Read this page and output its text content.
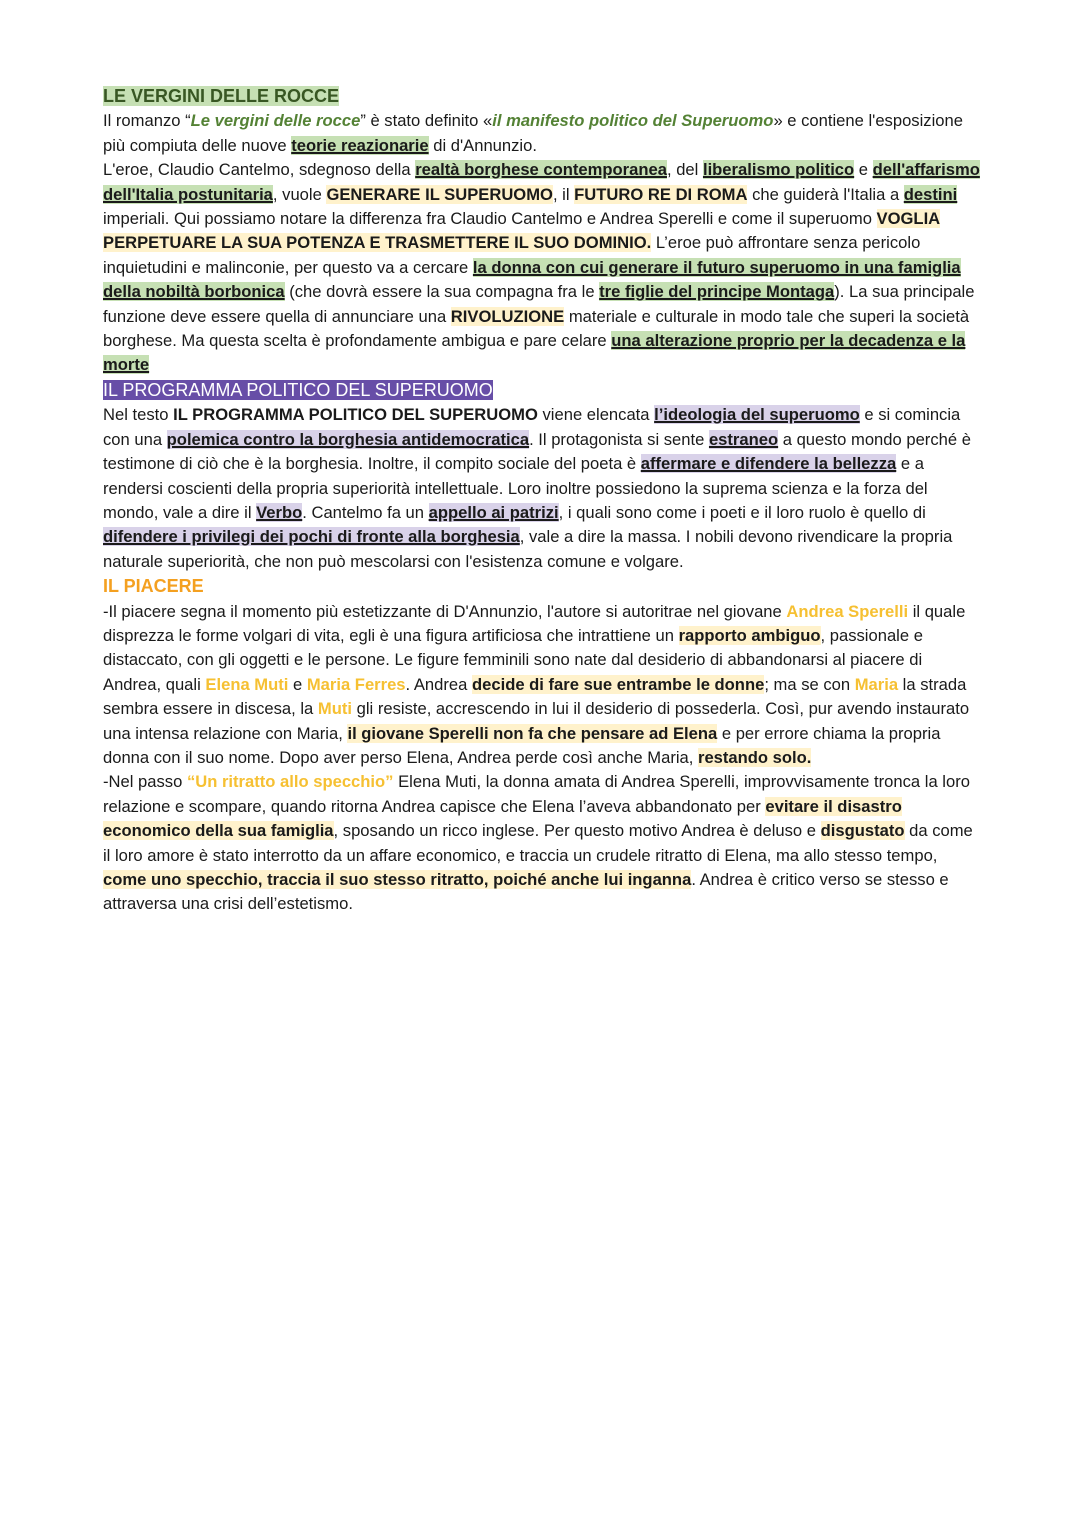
LE VERGINI DELLE ROCCE

Il romanzo “Le vergini delle rocce” è stato definito «il manifesto politico del Superuomo» e contiene l'esposizione più compiuta delle nuove teorie reazionarie di d'Annunzio.
L'eroe, Claudio Cantelmo, sdegnoso della realtà borghese contemporanea, del liberalismo politico e dell'affarismo dell'Italia postunitaria, vuole GENERARE IL SUPERUOMO, il FUTURO RE DI ROMA che guiderà l'Italia a destini imperiali. Qui possiamo notare la differenza fra Claudio Cantelmo e Andrea Sperelli e come il superuomo VOGLIA PERPETUARE LA SUA POTENZA E TRASMETTERE IL SUO DOMINIO. L’eroe può affrontare senza pericolo inquietudini e malinconie, per questo va a cercare la donna con cui generare il futuro superuomo in una famiglia della nobiltà borbonica (che dovrà essere la sua compagna fra le tre figlie del principe Montaga). La sua principale funzione deve essere quella di annunciare una RIVOLUZIONE materiale e culturale in modo tale che superi la società borghese. Ma questa scelta è profondamente ambigua e pare celare una alterazione proprio per la decadenza e la morte

IL PROGRAMMA POLITICO DEL SUPERUOMO

Nel testo IL PROGRAMMA POLITICO DEL SUPERUOMO viene elencata l’ideologia del superuomo e si comincia con una polemica contro la borghesia antidemocratica. Il protagonista si sente estraneo a questo mondo perché è testimone di ciò che è la borghesia. Inoltre, il compito sociale del poeta è affermare e difendere la bellezza e a rendersi coscienti della propria superiorità intellettuale. Loro inoltre possiedono la suprema scienza e la forza del mondo, vale a dire il Verbo. Cantelmo fa un appello ai patrizi, i quali sono come i poeti e il loro ruolo è quello di difendere i privilegi dei pochi di fronte alla borghesia, vale a dire la massa. I nobili devono rivendicare la propria naturale superiorità, che non può mescolarsi con l'esistenza comune e volgare.

IL PIACERE

-Il piacere segna il momento più estetizzante di D'Annunzio, l'autore si autoritrae nel giovane Andrea Sperelli il quale disprezza le forme volgari di vita, egli è una figura artificiosa che intrattiene un rapporto ambiguo, passionale e distaccato, con gli oggetti e le persone. Le figure femminili sono nate dal desiderio di abbandonarsi al piacere di Andrea, quali Elena Muti e Maria Ferres. Andrea decide di fare sue entrambe le donne; ma se con Maria la strada sembra essere in discesa, la Muti gli resiste, accrescendo in lui il desiderio di possederla. Così, pur avendo instaurato una intensa relazione con Maria, il giovane Sperelli non fa che pensare ad Elena e per errore chiama la propria donna con il suo nome. Dopo aver perso Elena, Andrea perde così anche Maria, restando solo.

-Nel passo “Un ritratto allo specchio” Elena Muti, la donna amata di Andrea Sperelli, improvvisamente tronca la loro relazione e scompare, quando ritorna Andrea capisce che Elena l’aveva abbandonato per evitare il disastro economico della sua famiglia, sposando un ricco inglese. Per questo motivo Andrea è deluso e disgustato da come il loro amore è stato interrotto da un affare economico, e traccia un crudele ritratto di Elena, ma allo stesso tempo, come uno specchio, traccia il suo stesso ritratto, poiché anche lui inganna. Andrea è critico verso se stesso e attraversa una crisi dell’estetismo.
